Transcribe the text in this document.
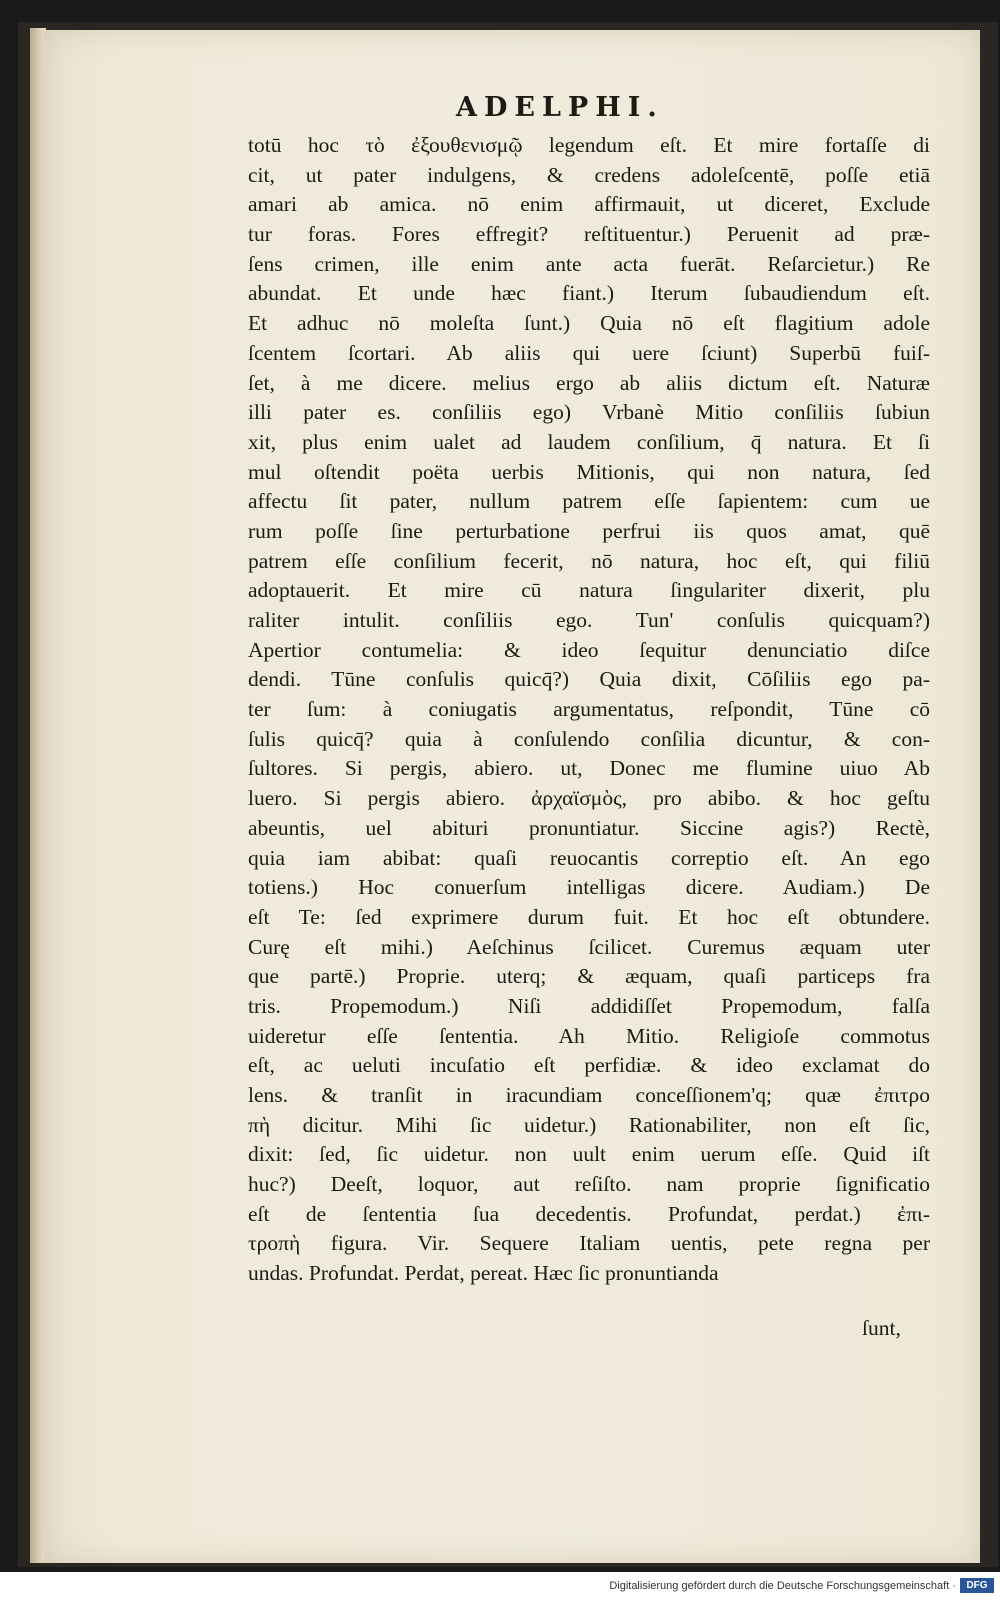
ADELPHI.
totū hoc τὸ ἐξουθενισμῷ legendum eſt. Et mire fortaſſe di
cit, ut pater indulgens, & credens adoleſcentē, poſſe etiā
amari ab amica. nō enim affirmauit, ut diceret, Exclude
tur foras. Fores effregit? reſtituentur.) Peruenit ad præ-
ſens crimen, ille enim ante acta fuerāt. Reſarcietur.) Re
abundat. Et unde hæc fiant.) Iterum ſubaudiendum eſt.
Et adhuc nō moleſta ſunt.) Quia nō eſt flagitium adole
ſcentem ſcortari. Ab aliis qui uere ſciunt) Superbū fuiſ-
ſet, à me dicere. melius ergo ab aliis dictum eſt. Naturæ
illi pater es. conſiliis ego) Vrbanè Mitio conſiliis ſubiun
xit, plus enim ualet ad laudem conſilium, q̄ natura. Et ſi
mul oſtendit poëta uerbis Mitionis, qui non natura, ſed
affectu ſit pater, nullum patrem eſſe ſapientem: cum ue
rum poſſe ſine perturbatione perfrui iis quos amat, quē
patrem eſſe conſilium fecerit, nō natura, hoc eſt, qui filiū
adoptauerit. Et mire cū natura ſingulariter dixerit, plu
raliter intulit. conſiliis ego. Tun' conſulis quicquam?)
Apertior contumelia: & ideo ſequitur denunciatio diſce
dendi. Tūne conſulis quicq̄?) Quia dixit, Cōſiliis ego pa-
ter ſum: à coniugatis argumentatus, reſpondit, Tūne cō
ſulis quicq̄? quia à conſulendo conſilia dicuntur, & con-
ſultores. Si pergis, abiero. ut, Donec me flumine uiuo Ab
luero. Si pergis abiero. ἀρχαϊσμὸς, pro abibo. & hoc geſtu
abeuntis, uel abituri pronuntiatur. Siccine agis?) Rectè,
quia iam abibat: quaſi reuocantis correptio eſt. An ego
totiens.) Hoc conuerſum intelligas dicere. Audiam.) De
eſt Te: ſed exprimere durum fuit. Et hoc eſt obtundere.
Curę eſt mihi.) Aeſchinus ſcilicet. Curemus æquam uter
que partē.) Proprie. uterq; & æquam, quaſi particeps fra
tris. Propemodum.) Niſi addidiſſet Propemodum, falſa
uideretur eſſe ſententia. Ah Mitio. Religioſe commotus
eſt, ac ueluti incuſatio eſt perfidiæ. & ideo exclamat do
lens. & tranſit in iracundiam conceſſionem'q; quæ ἐπιτρο
πὴ dicitur. Mihi ſic uidetur.) Rationabiliter, non eſt ſic,
dixit: ſed, ſic uidetur. non uult enim uerum eſſe. Quid iſt
huc?) Deeſt, loquor, aut reſiſto. nam proprie ſignificatio
eſt de ſententia ſua decedentis. Profundat, perdat.) ἐπι-
τροπὴ figura. Vir. Sequere Italiam uentis, pete regna per
undas. Profundat. Perdat, pereat. Hæc ſic pronuntianda
ſunt,
Digitalisierung gefördert durch die Deutsche Forschungsgemeinschaft ·	DFG
